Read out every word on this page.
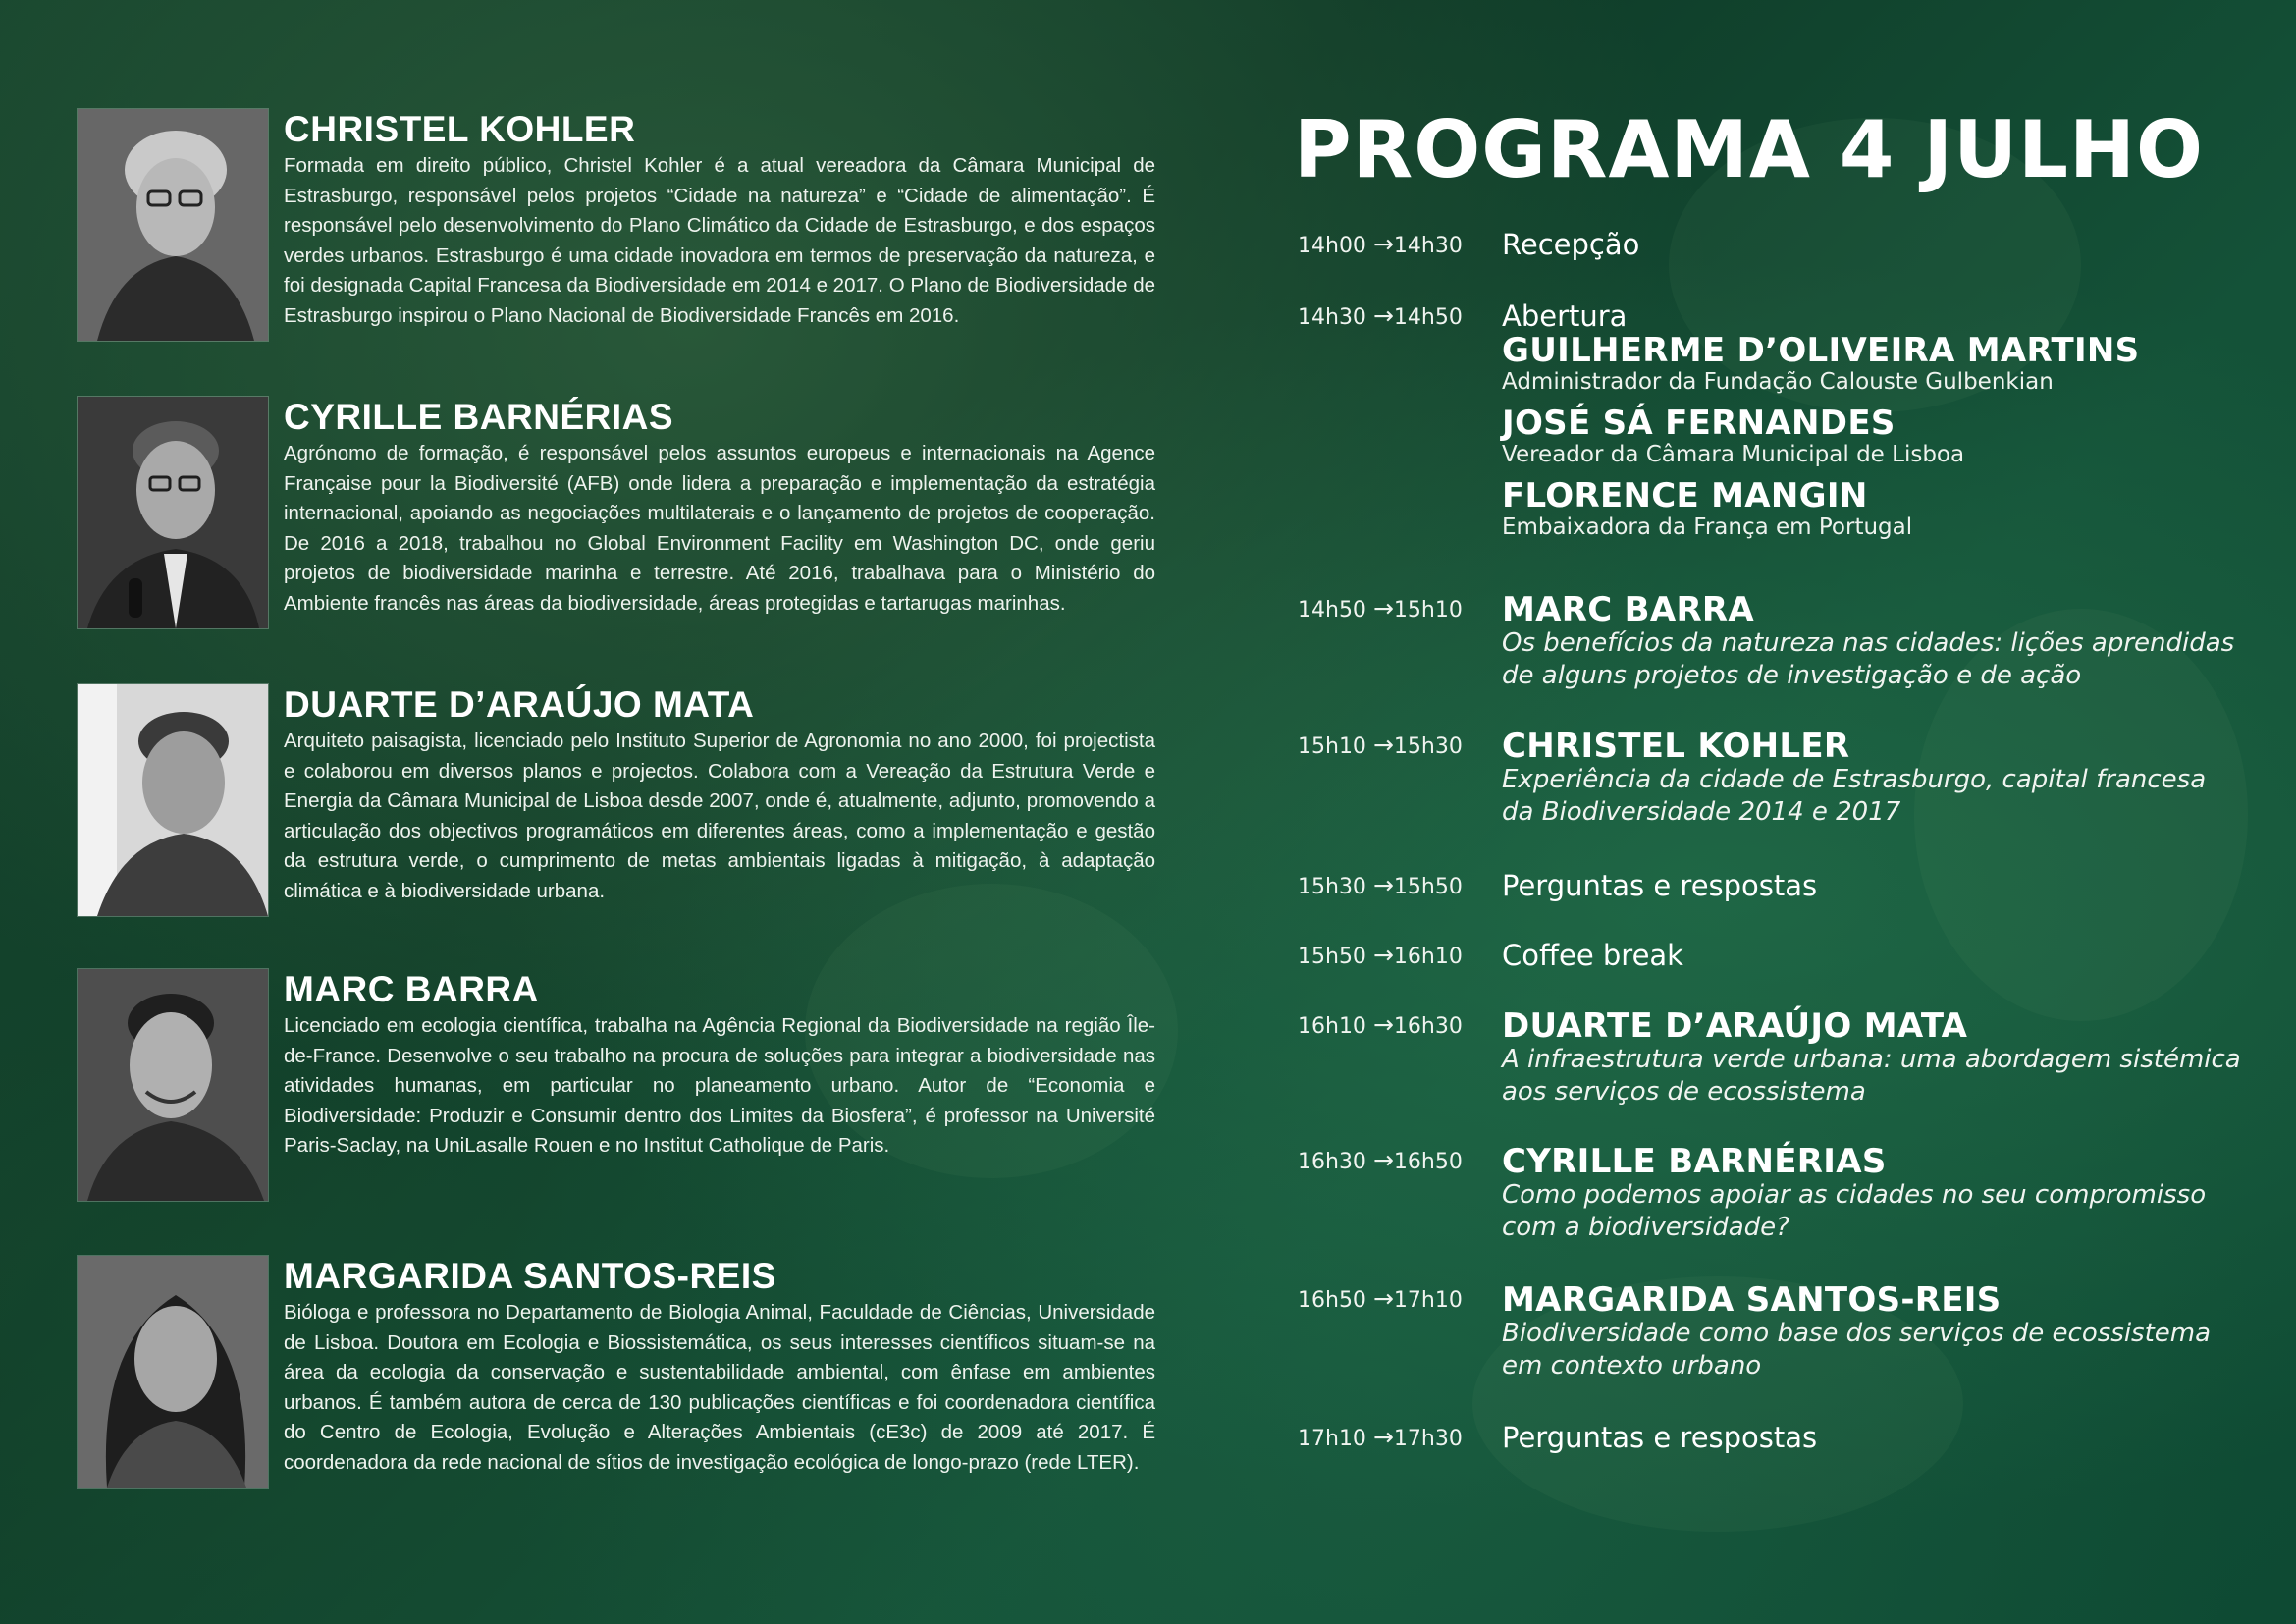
CHRISTEL KOHLER

Formada em direito público, Christel Kohler é a atual vereadora da Câmara Municipal de Estrasburgo, responsável pelos projetos “Cidade na natureza” e “Cidade de alimentação”. É responsável pelo desenvolvimento do Plano Climático da Cidade de Estrasburgo, e dos espaços verdes urbanos. Estrasburgo é uma cidade inovadora em termos de preservação da natureza, e foi designada Capital Francesa da Biodiversidade em 2014 e 2017. O Plano de Biodiversidade de Estrasburgo inspirou o Plano Nacional de Biodiversidade Francês em 2016.

CYRILLE BARNÉRIAS

Agrónomo de formação, é responsável pelos assuntos europeus e internacionais na Agence Française pour la Biodiversité (AFB) onde lidera a preparação e implementação da estratégia internacional, apoiando as negociações multilaterais e o lançamento de projetos de cooperação. De 2016 a 2018, trabalhou no Global Environment Facility em Washington DC, onde geriu projetos de biodiversidade marinha e terrestre. Até 2016, trabalhava para o Ministério do Ambiente francês nas áreas da biodiversidade, áreas protegidas e tartarugas marinhas.

DUARTE D’ARAÚJO MATA

Arquiteto paisagista, licenciado pelo Instituto Superior de Agronomia no ano 2000, foi projectista e colaborou em diversos planos e projectos. Colabora com a Vereação da Estrutura Verde e Energia da Câmara Municipal de Lisboa desde 2007, onde é, atualmente, adjunto, promovendo a articulação dos objectivos programáticos em diferentes áreas, como a implementação e gestão da estrutura verde, o cumprimento de metas ambientais ligadas à mitigação, à adaptação climática e à biodiversidade urbana.

MARC BARRA

Licenciado em ecologia científica, trabalha na Agência Regional da Biodiversidade na região Île-de-France. Desenvolve o seu trabalho na procura de soluções para integrar a biodiversidade nas atividades humanas, em particular no planeamento urbano. Autor de “Economia e Biodiversidade: Produzir e Consumir dentro dos Limites da Biosfera”, é professor na Université Paris-Saclay, na UniLasalle Rouen e no Institut Catholique de Paris.

MARGARIDA SANTOS-REIS

Bióloga e professora no Departamento de Biologia Animal, Faculdade de Ciências, Universidade de Lisboa. Doutora em Ecologia e Biossistemática, os seus interesses científicos situam-se na área da ecologia da conservação e sustentabilidade ambiental, com ênfase em ambientes urbanos. É também autora de cerca de 130 publicações científicas e foi coordenadora científica do Centro de Ecologia, Evolução e Alterações Ambientais (cE3c) de 2009 até 2017. É coordenadora da rede nacional de sítios de investigação ecológica de longo-prazo (rede LTER).

PROGRAMA 4 JULHO
14h00 →14h30	Recepção

14h30 →14h50	Abertura

GUILHERME D’OLIVEIRA MARTINS

Administrador da Fundação Calouste Gulbenkian

JOSÉ SÁ FERNANDES

Vereador da Câmara Municipal de Lisboa

FLORENCE MANGIN

Embaixadora da França em Portugal

14h50 →15h10	MARC BARRA

Os benefícios da natureza nas cidades: lições aprendidas

de alguns projetos de investigação e de ação

15h10 →15h30	CHRISTEL KOHLER

Experiência da cidade de Estrasburgo, capital francesa

da Biodiversidade 2014 e 2017

15h30 →15h50	Perguntas e respostas

15h50 →16h10	Coffee break

16h10 →16h30	DUARTE D’ARAÚJO MATA

A infraestrutura verde urbana: uma abordagem sistémica

aos serviços de ecossistema

16h30 →16h50	CYRILLE BARNÉRIAS

Como podemos apoiar as cidades no seu compromisso

com a biodiversidade?

16h50 →17h10	MARGARIDA SANTOS-REIS

Biodiversidade como base dos serviços de ecossistema

em contexto urbano

17h10 →17h30	Perguntas e respostas
